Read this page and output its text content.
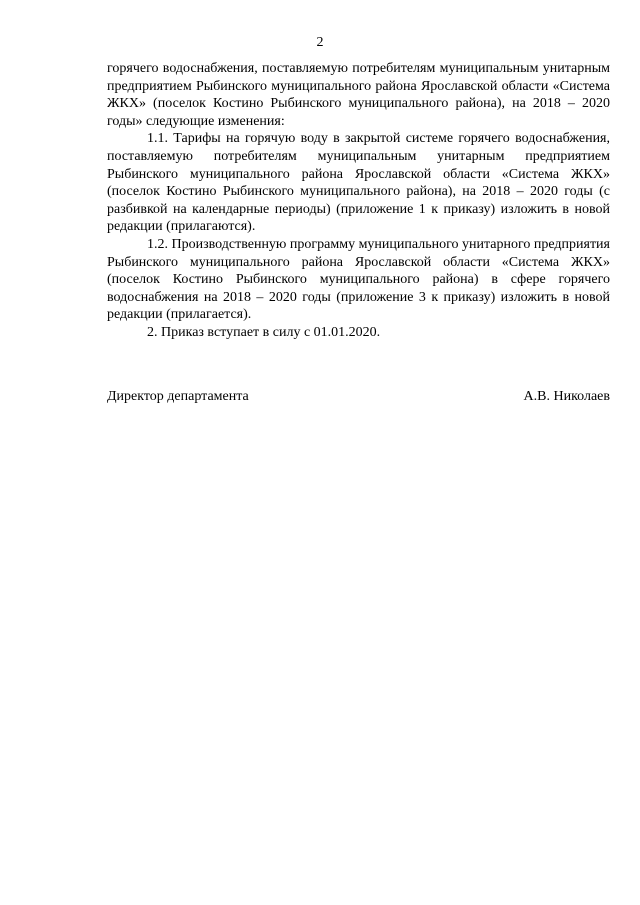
2

горячего водоснабжения, поставляемую потребителям муниципальным унитарным предприятием Рыбинского муниципального района Ярославской области «Система ЖКХ» (поселок Костино Рыбинского муниципального района), на 2018 – 2020 годы» следующие изменения:

1.1. Тарифы на горячую воду в закрытой системе горячего водоснабжения, поставляемую потребителям муниципальным унитарным предприятием Рыбинского муниципального района Ярославской области «Система ЖКХ» (поселок Костино Рыбинского муниципального района), на 2018 – 2020 годы (с разбивкой на календарные периоды) (приложение 1 к приказу) изложить в новой редакции (прилагаются).

1.2. Производственную программу муниципального унитарного предприятия Рыбинского муниципального района Ярославской области «Система ЖКХ» (поселок Костино Рыбинского муниципального района) в сфере горячего водоснабжения на 2018 – 2020 годы (приложение 3 к приказу) изложить в новой редакции (прилагается).

2. Приказ вступает в силу с 01.01.2020.

Директор департамента	А.В. Николаев
